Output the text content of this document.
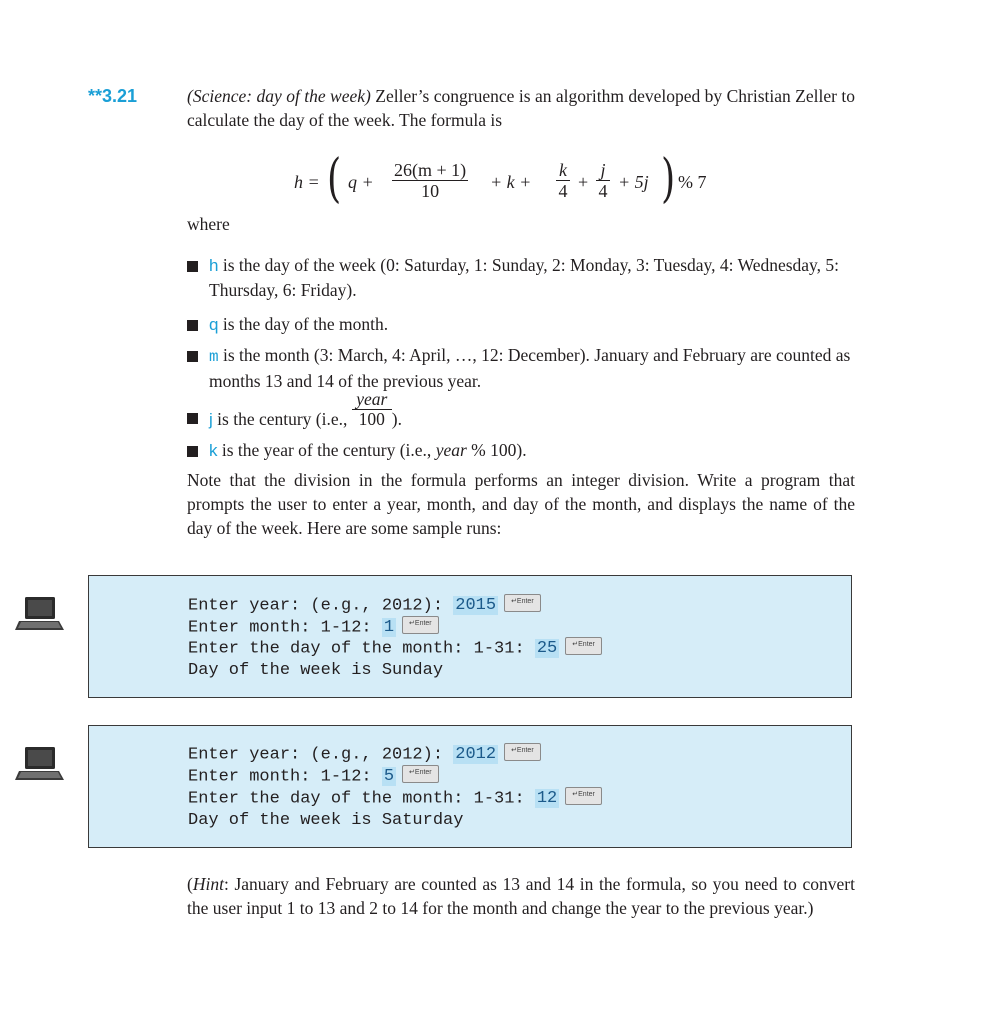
**3.21	(Science: day of the week) Zeller’s congruence is an algorithm developed by Christian Zeller to calculate the day of the week. The formula is
h = ( $q + \frac{26(m + 1)}{10} + k + \frac{k}{4} + \frac{j}{4} + 5j$ ) % 7
where
h is the day of the week (0: Saturday, 1: Sunday, 2: Monday, 3: Tuesday, 4: Wednesday, 5: Thursday, 6: Friday).
q is the day of the month.
m is the month (3: March, 4: April, …, 12: December). January and February are counted as months 13 and 14 of the previous year.
j is the century (i.e.,
year
100 ).
k is the year of the century (i.e., year % 100).
Note that the division in the formula performs an integer division. Write a program that prompts the user to enter a year, month, and day of the month, and displays the name of the day of the week. Here are some sample runs:
Enter year: (e.g., 2012): 2015 ↵Enter
Enter month: 1-12: 1 ↵Enter
Enter the day of the month: 1-31: 25 ↵Enter
Day of the week is Sunday
Enter year: (e.g., 2012): 2012 ↵Enter
Enter month: 1-12: 5 ↵Enter
Enter the day of the month: 1-31: 12 ↵Enter
Day of the week is Saturday
(Hint: January and February are counted as 13 and 14 in the formula, so you need to convert the user input 1 to 13 and 2 to 14 for the month and change the year to the previous year.)
